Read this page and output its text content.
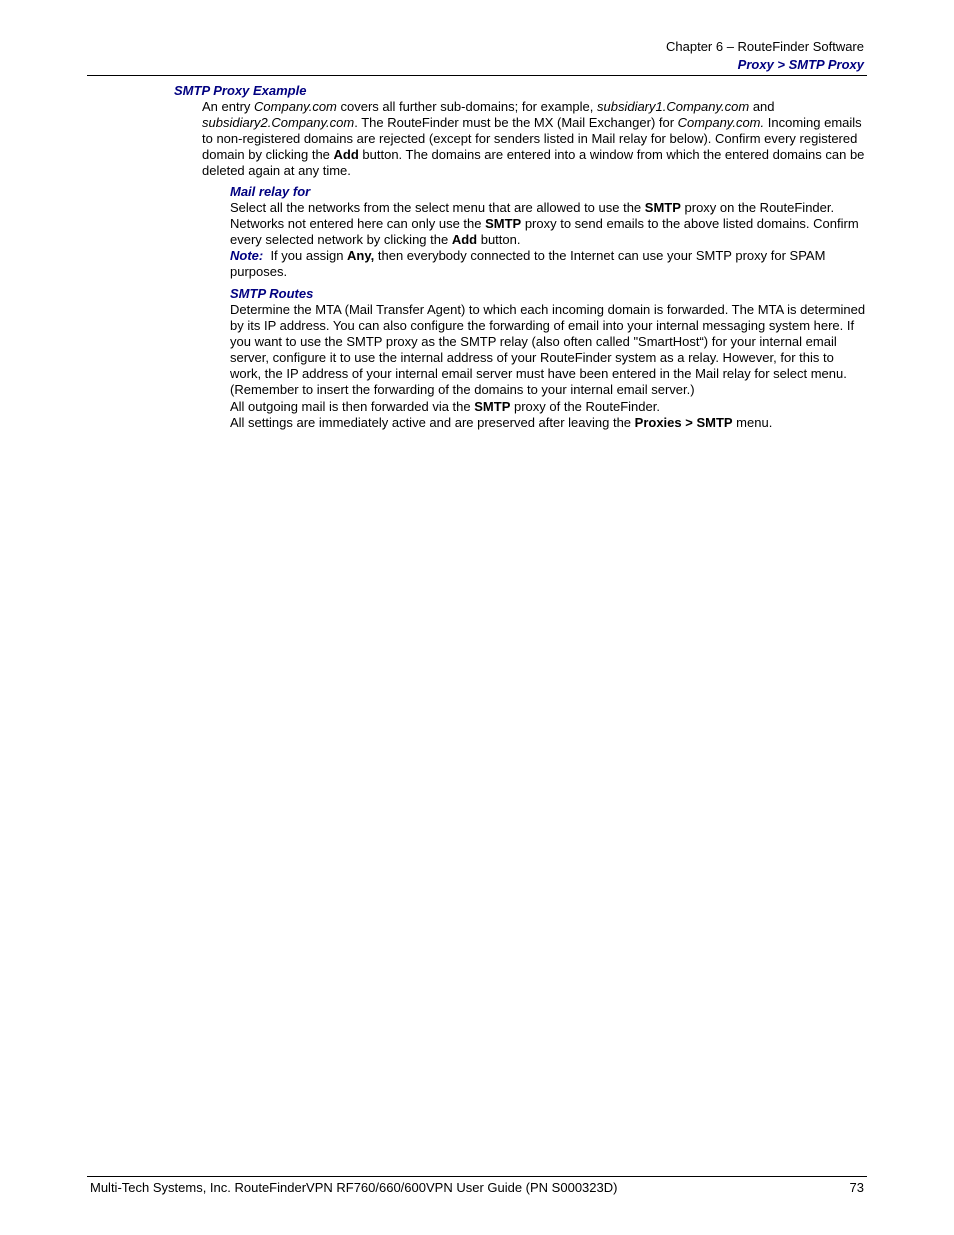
Chapter 6 – RouteFinder Software
Proxy > SMTP Proxy
SMTP Proxy Example

An entry Company.com covers all further sub-domains; for example, subsidiary1.Company.com and subsidiary2.Company.com. The RouteFinder must be the MX (Mail Exchanger) for Company.com. Incoming emails to non-registered domains are rejected (except for senders listed in Mail relay for below). Confirm every registered domain by clicking the Add button. The domains are entered into a window from which the entered domains can be deleted again at any time.

Mail relay for

Select all the networks from the select menu that are allowed to use the SMTP proxy on the RouteFinder. Networks not entered here can only use the SMTP proxy to send emails to the above listed domains. Confirm every selected network by clicking the Add button.

Note:  If you assign Any, then everybody connected to the Internet can use your SMTP proxy for SPAM purposes.

SMTP Routes

Determine the MTA (Mail Transfer Agent) to which each incoming domain is forwarded. The MTA is determined by its IP address. You can also configure the forwarding of email into your internal messaging system here. If you want to use the SMTP proxy as the SMTP relay (also often called "SmartHost“) for your internal email server, configure it to use the internal address of your RouteFinder system as a relay. However, for this to work, the IP address of your internal email server must have been entered in the Mail relay for select menu. (Remember to insert the forwarding of the domains to your internal email server.)

All outgoing mail is then forwarded via the SMTP proxy of the RouteFinder.

All settings are immediately active and are preserved after leaving the Proxies > SMTP menu.

Multi-Tech Systems, Inc. RouteFinderVPN RF760/660/600VPN User Guide (PN S000323D)	73
